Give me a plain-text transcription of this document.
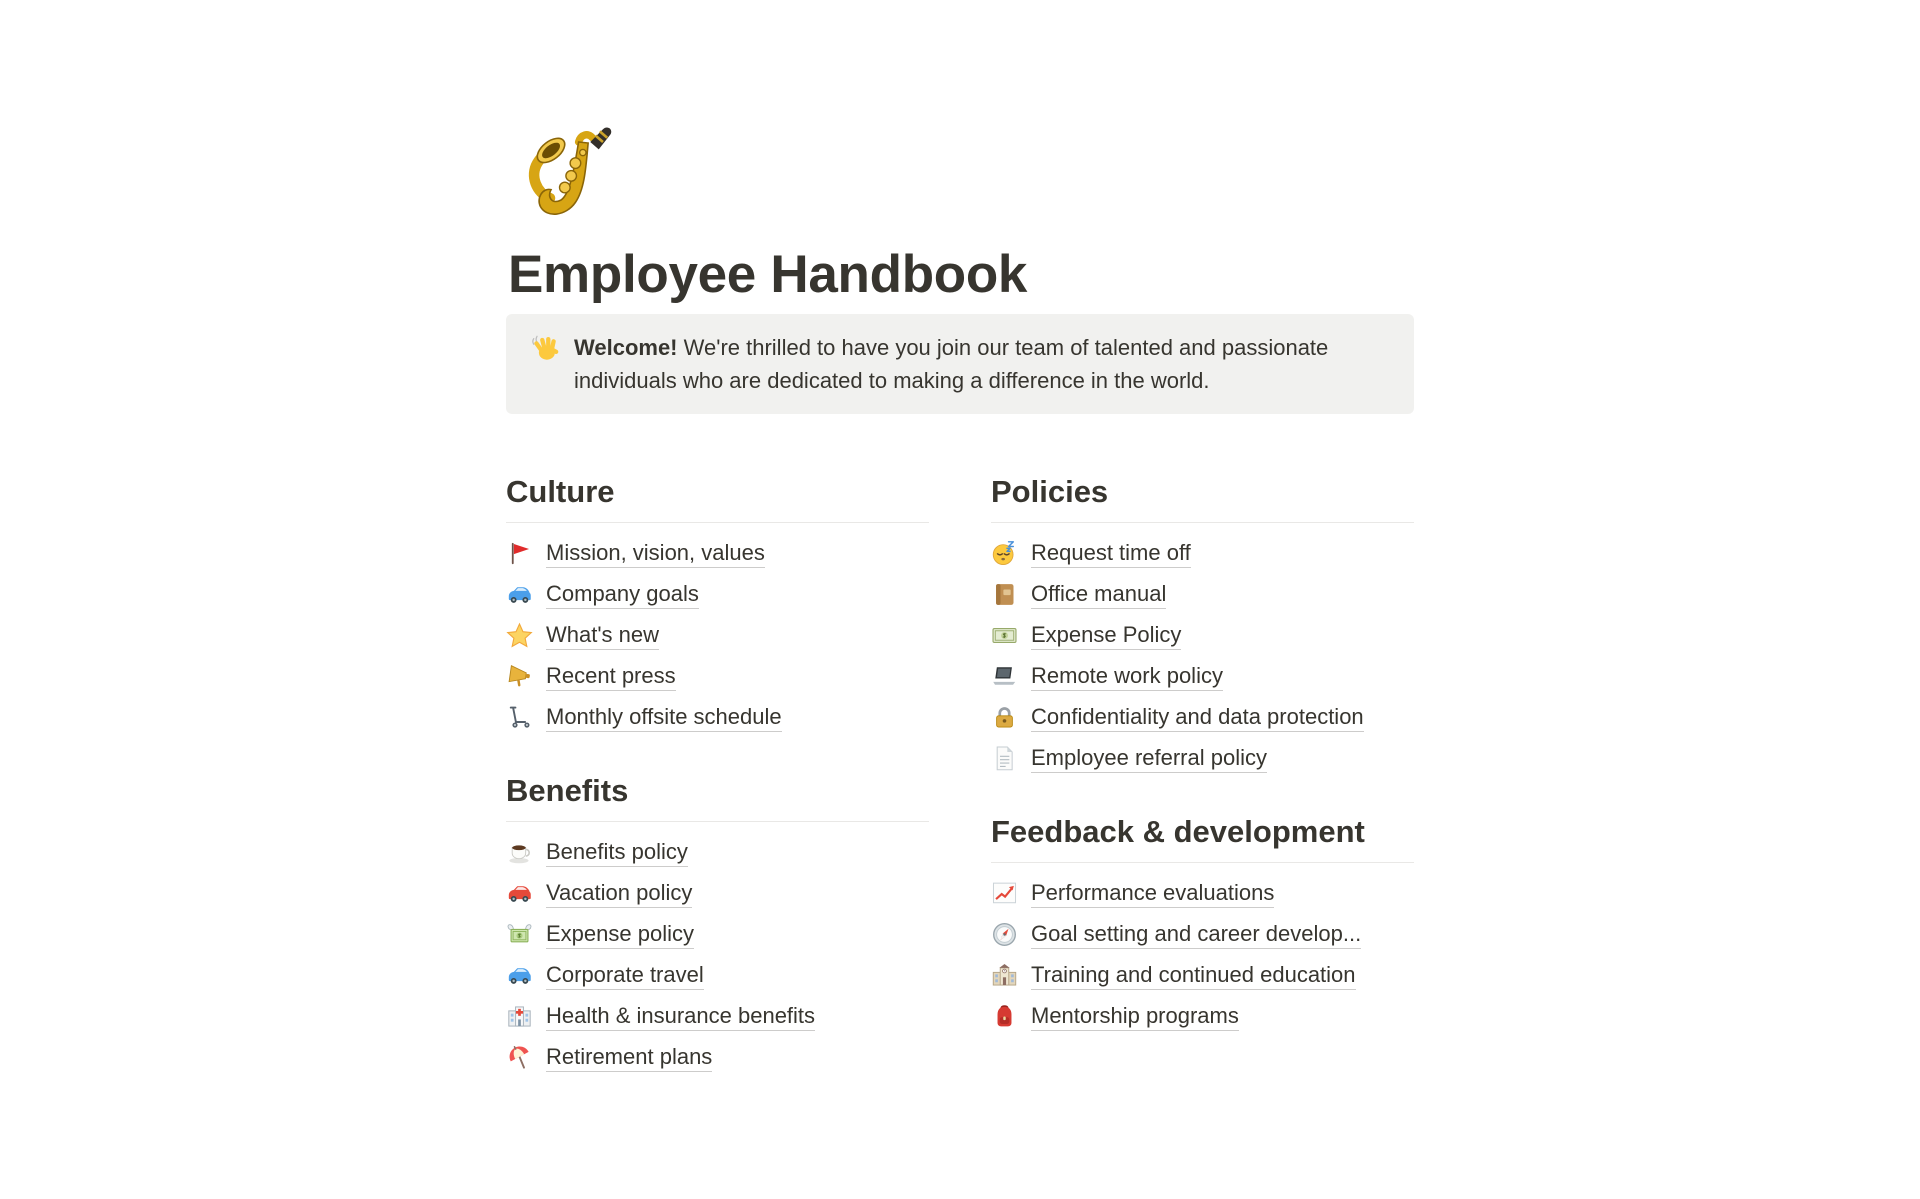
Employee Handbook

Welcome! We're thrilled to have you join our team of talented and passionate individuals who are dedicated to making a difference in the world.

Culture
Mission, vision, values
Company goals
What's new
Recent press
Monthly offsite schedule
Benefits
Benefits policy
Vacation policy
Expense policy
Corporate travel
Health & insurance benefits
Retirement plans
Policies
Request time off
Office manual
Expense Policy
Remote work policy
Confidentiality and data protection
Employee referral policy
Feedback & development
Performance evaluations
Goal setting and career develop...
Training and continued education
Mentorship programs
